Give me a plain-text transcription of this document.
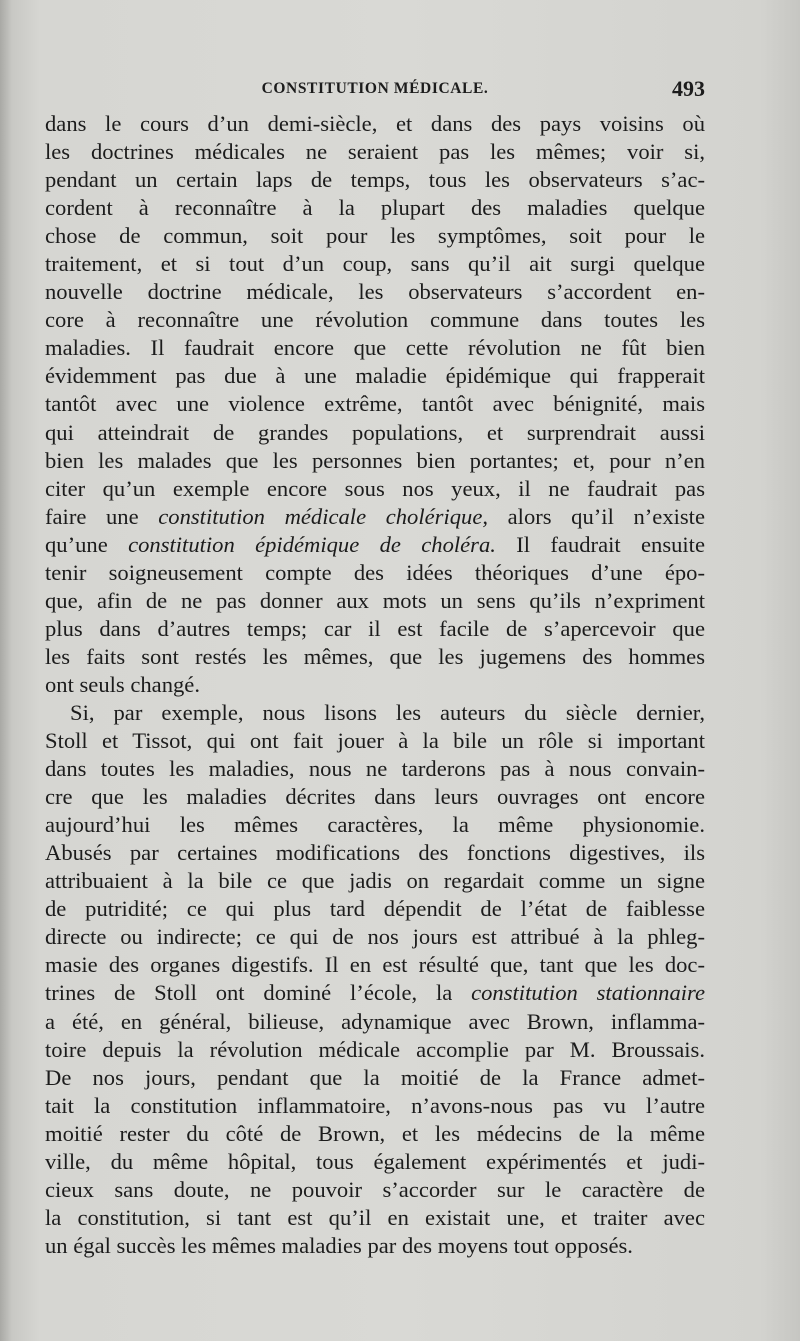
CONSTITUTION MÉDICALE.	493
dans le cours d’un demi-siècle, et dans des pays voisins où
les doctrines médicales ne seraient pas les mêmes; voir si,
pendant un certain laps de temps, tous les observateurs s’ac-
cordent à reconnaître à la plupart des maladies quelque
chose de commun, soit pour les symptômes, soit pour le
traitement, et si tout d’un coup, sans qu’il ait surgi quelque
nouvelle doctrine médicale, les observateurs s’accordent en-
core à reconnaître une révolution commune dans toutes les
maladies. Il faudrait encore que cette révolution ne fût bien
évidemment pas due à une maladie épidémique qui frapperait
tantôt avec une violence extrême, tantôt avec bénignité, mais
qui atteindrait de grandes populations, et surprendrait aussi
bien les malades que les personnes bien portantes; et, pour n’en
citer qu’un exemple encore sous nos yeux, il ne faudrait pas
faire une constitution médicale cholérique, alors qu’il n’existe
qu’une constitution épidémique de choléra. Il faudrait ensuite
tenir soigneusement compte des idées théoriques d’une épo-
que, afin de ne pas donner aux mots un sens qu’ils n’expriment
plus dans d’autres temps; car il est facile de s’apercevoir que
les faits sont restés les mêmes, que les jugemens des hommes
ont seuls changé.
Si, par exemple, nous lisons les auteurs du siècle dernier,
Stoll et Tissot, qui ont fait jouer à la bile un rôle si important
dans toutes les maladies, nous ne tarderons pas à nous convain-
cre que les maladies décrites dans leurs ouvrages ont encore
aujourd’hui les mêmes caractères, la même physionomie.
Abusés par certaines modifications des fonctions digestives, ils
attribuaient à la bile ce que jadis on regardait comme un signe
de putridité; ce qui plus tard dépendit de l’état de faiblesse
directe ou indirecte; ce qui de nos jours est attribué à la phleg-
masie des organes digestifs. Il en est résulté que, tant que les doc-
trines de Stoll ont dominé l’école, la constitution stationnaire
a été, en général, bilieuse, adynamique avec Brown, inflamma-
toire depuis la révolution médicale accomplie par M. Broussais.
De nos jours, pendant que la moitié de la France admet-
tait la constitution inflammatoire, n’avons-nous pas vu l’autre
moitié rester du côté de Brown, et les médecins de la même
ville, du même hôpital, tous également expérimentés et judi-
cieux sans doute, ne pouvoir s’accorder sur le caractère de
la constitution, si tant est qu’il en existait une, et traiter avec
un égal succès les mêmes maladies par des moyens tout opposés.
